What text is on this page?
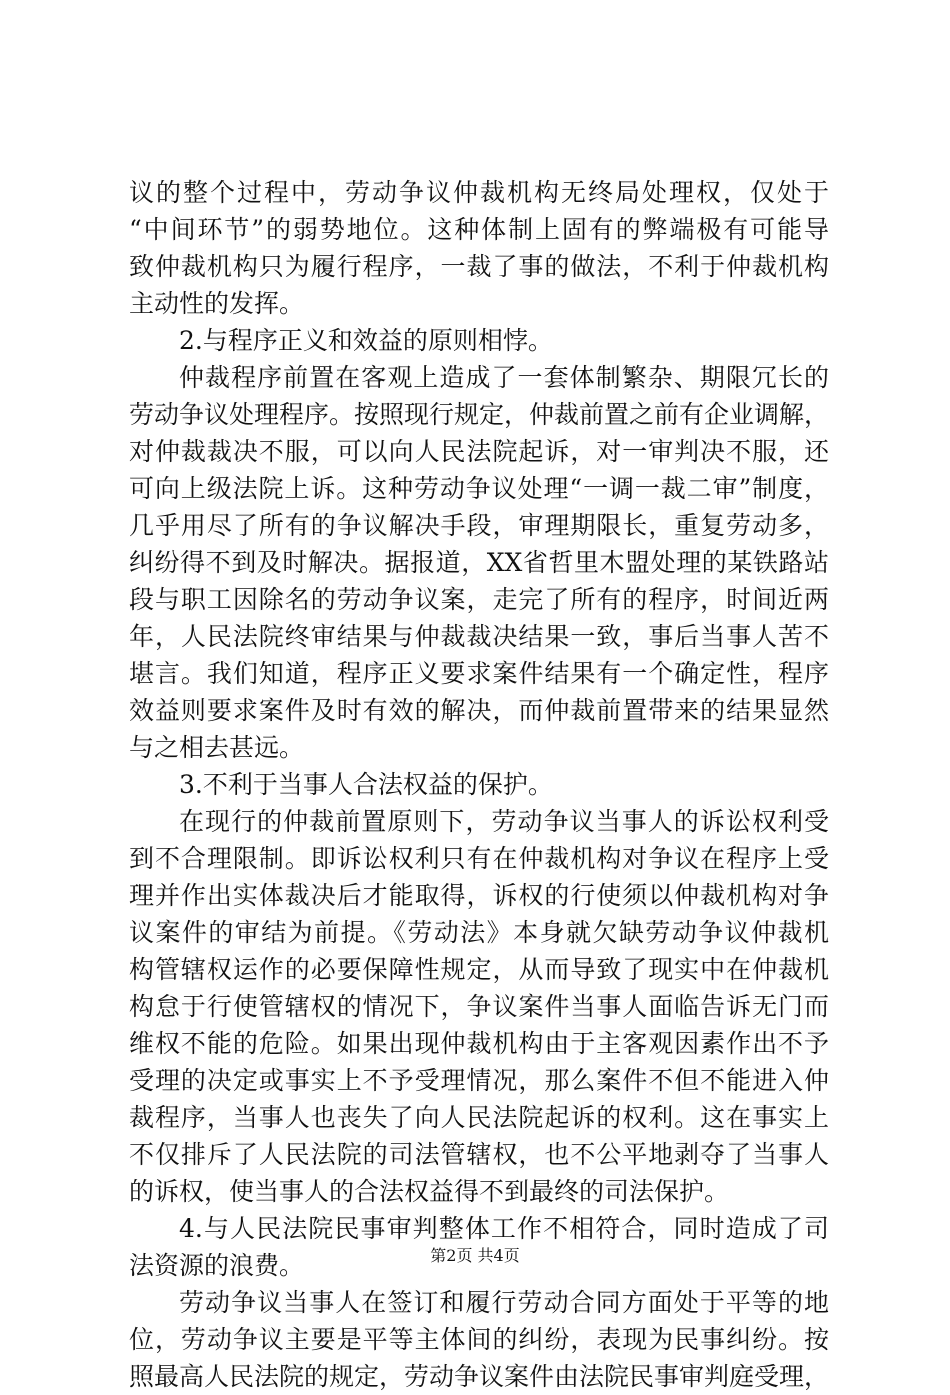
议的整个过程中，劳动争议仲裁机构无终局处理权，仅处于
“中间环节”的弱势地位。这种体制上固有的弊端极有可能导
致仲裁机构只为履行程序，一裁了事的做法，不利于仲裁机构
主动性的发挥。
2.与程序正义和效益的原则相悖。
仲裁程序前置在客观上造成了一套体制繁杂、期限冗长的
劳动争议处理程序。按照现行规定，仲裁前置之前有企业调解，
对仲裁裁决不服，可以向人民法院起诉，对一审判决不服，还
可向上级法院上诉。这种劳动争议处理“一调一裁二审”制度，
几乎用尽了所有的争议解决手段，审理期限长，重复劳动多，
纠纷得不到及时解决。据报道，XX省哲里木盟处理的某铁路站
段与职工因除名的劳动争议案，走完了所有的程序，时间近两
年，人民法院终审结果与仲裁裁决结果一致，事后当事人苦不
堪言。我们知道，程序正义要求案件结果有一个确定性，程序
效益则要求案件及时有效的解决，而仲裁前置带来的结果显然
与之相去甚远。
3.不利于当事人合法权益的保护。
在现行的仲裁前置原则下，劳动争议当事人的诉讼权利受
到不合理限制。即诉讼权利只有在仲裁机构对争议在程序上受
理并作出实体裁决后才能取得，诉权的行使须以仲裁机构对争
议案件的审结为前提。《劳动法》本身就欠缺劳动争议仲裁机
构管辖权运作的必要保障性规定，从而导致了现实中在仲裁机
构怠于行使管辖权的情况下，争议案件当事人面临告诉无门而
维权不能的危险。如果出现仲裁机构由于主客观因素作出不予
受理的决定或事实上不予受理情况，那么案件不但不能进入仲
裁程序，当事人也丧失了向人民法院起诉的权利。这在事实上
不仅排斥了人民法院的司法管辖权，也不公平地剥夺了当事人
的诉权，使当事人的合法权益得不到最终的司法保护。
4.与人民法院民事审判整体工作不相符合，同时造成了司
法资源的浪费。
劳动争议当事人在签订和履行劳动合同方面处于平等的地
位，劳动争议主要是平等主体间的纠纷，表现为民事纠纷。按
照最高人民法院的规定，劳动争议案件由法院民事审判庭受理，
第2页 共4页
